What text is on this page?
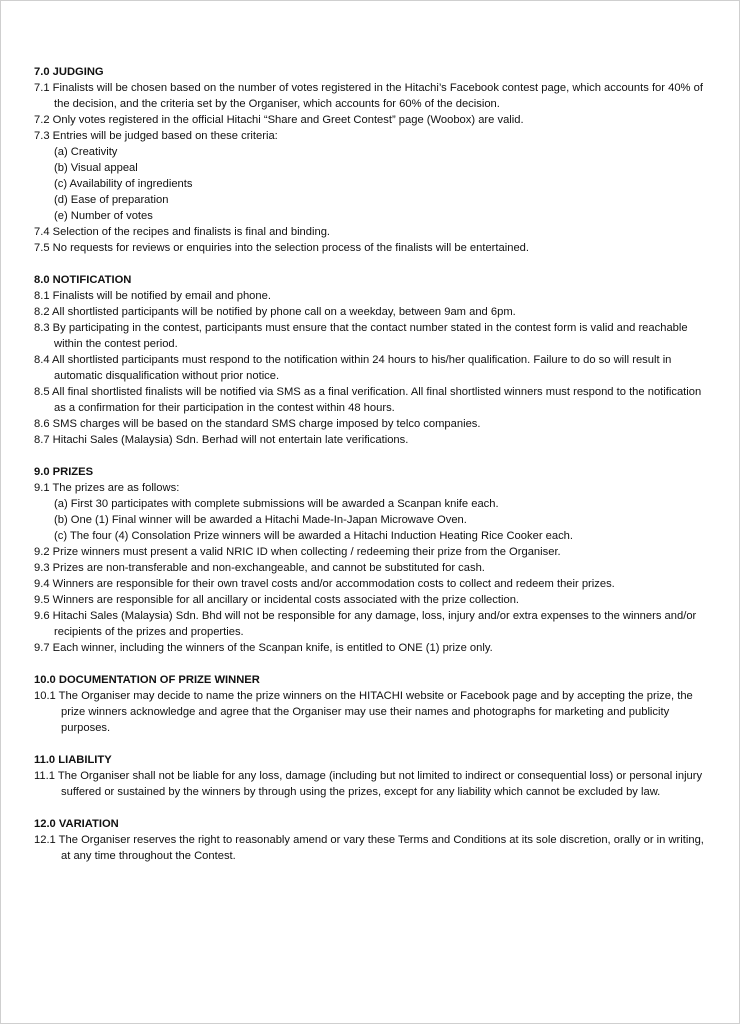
7.0 JUDGING

7.1 Finalists will be chosen based on the number of votes registered in the Hitachi’s Facebook contest page, which accounts for 40% of the decision, and the criteria set by the Organiser, which accounts for 60% of the decision.

7.2 Only votes registered in the official Hitachi “Share and Greet Contest” page (Woobox) are valid.

7.3 Entries will be judged based on these criteria:

(a) Creativity

(b) Visual appeal

(c) Availability of ingredients

(d) Ease of preparation

(e) Number of votes

7.4 Selection of the recipes and finalists is final and binding.

7.5 No requests for reviews or enquiries into the selection process of the finalists will be entertained.

8.0 NOTIFICATION

8.1 Finalists will be notified by email and phone.

8.2 All shortlisted participants will be notified by phone call on a weekday, between 9am and 6pm.

8.3 By participating in the contest, participants must ensure that the contact number stated in the contest form is valid and reachable within the contest period.

8.4 All shortlisted participants must respond to the notification within 24 hours to his/her qualification. Failure to do so will result in automatic disqualification without prior notice.

8.5 All final shortlisted finalists will be notified via SMS as a final verification. All final shortlisted winners must respond to the notification as a confirmation for their participation in the contest within 48 hours.

8.6 SMS charges will be based on the standard SMS charge imposed by telco companies.

8.7 Hitachi Sales (Malaysia) Sdn. Berhad will not entertain late verifications.

9.0 PRIZES

9.1 The prizes are as follows:

(a) First 30 participates with complete submissions will be awarded a Scanpan knife each.

(b) One (1) Final winner will be awarded a Hitachi Made-In-Japan Microwave Oven.

(c) The four (4) Consolation Prize winners will be awarded a Hitachi Induction Heating Rice Cooker each.

9.2 Prize winners must present a valid NRIC ID when collecting / redeeming their prize from the Organiser.

9.3 Prizes are non-transferable and non-exchangeable, and cannot be substituted for cash.

9.4 Winners are responsible for their own travel costs and/or accommodation costs to collect and redeem their prizes.

9.5 Winners are responsible for all ancillary or incidental costs associated with the prize collection.

9.6 Hitachi Sales (Malaysia) Sdn. Bhd will not be responsible for any damage, loss, injury and/or extra expenses to the winners and/or recipients of the prizes and properties.

9.7 Each winner, including the winners of the Scanpan knife, is entitled to ONE (1) prize only.

10.0 DOCUMENTATION OF PRIZE WINNER

10.1 The Organiser may decide to name the prize winners on the HITACHI website or Facebook page and by accepting the prize, the prize winners acknowledge and agree that the Organiser may use their names and photographs for marketing and publicity purposes.

11.0 LIABILITY

11.1 The Organiser shall not be liable for any loss, damage (including but not limited to indirect or consequential loss) or personal injury suffered or sustained by the winners by through using the prizes, except for any liability which cannot be excluded by law.

12.0 VARIATION

12.1 The Organiser reserves the right to reasonably amend or vary these Terms and Conditions at its sole discretion, orally or in writing, at any time throughout the Contest.
